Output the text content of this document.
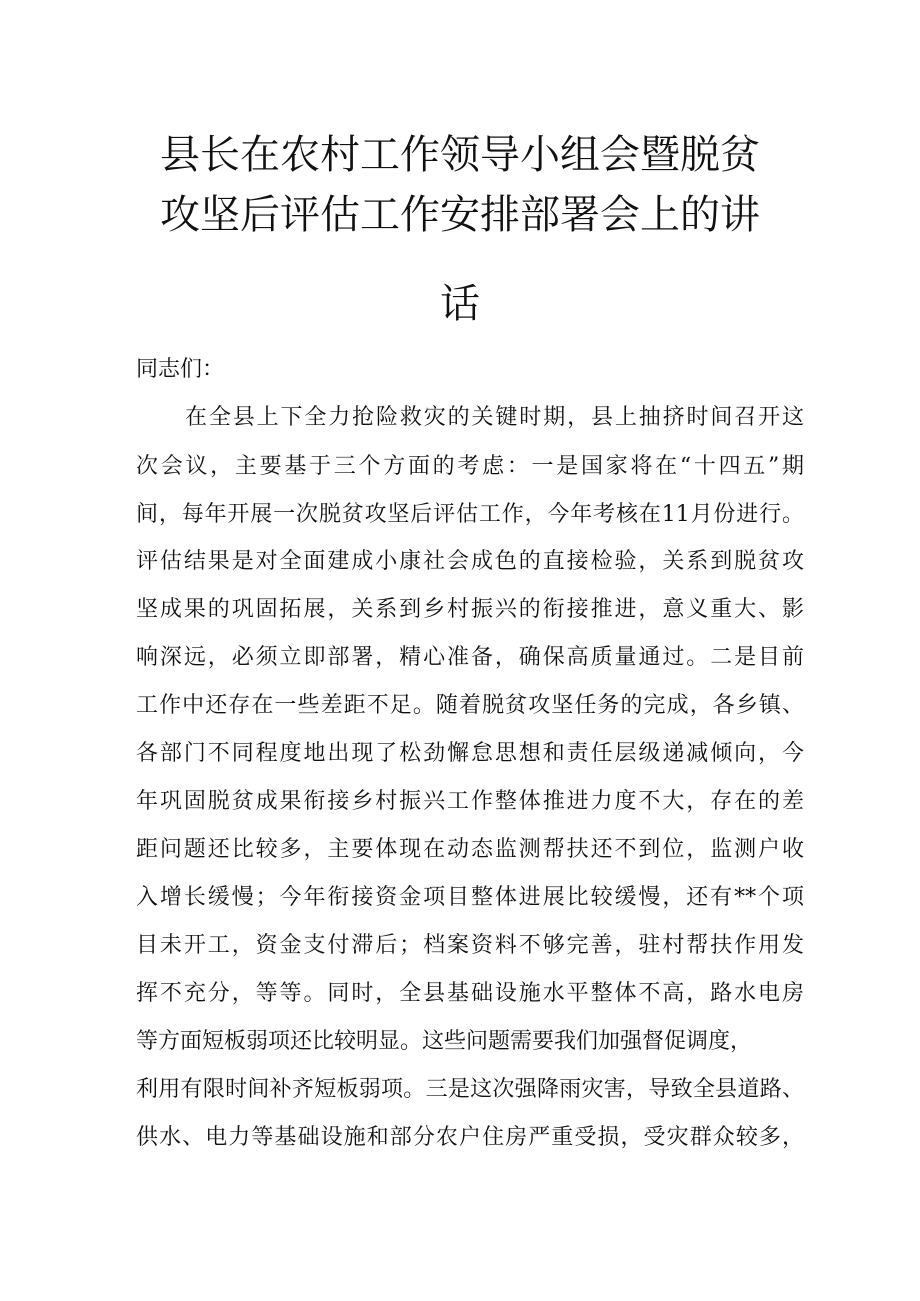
县长在农村工作领导小组会暨脱贫
攻坚后评估工作安排部署会上的讲
话
同志们：
在全县上下全力抢险救灾的关键时期，县上抽挤时间召开这
次会议，主要基于三个方面的考虑：一是国家将在“十四五”期
间，每年开展一次脱贫攻坚后评估工作，今年考核在11月份进行。
评估结果是对全面建成小康社会成色的直接检验，关系到脱贫攻
坚成果的巩固拓展，关系到乡村振兴的衔接推进，意义重大、影
响深远，必须立即部署，精心准备，确保高质量通过。二是目前
工作中还存在一些差距不足。随着脱贫攻坚任务的完成，各乡镇、
各部门不同程度地出现了松劲懈怠思想和责任层级递减倾向，今
年巩固脱贫成果衔接乡村振兴工作整体推进力度不大，存在的差
距问题还比较多，主要体现在动态监测帮扶还不到位，监测户收
入增长缓慢；今年衔接资金项目整体进展比较缓慢，还有**个项
目未开工，资金支付滞后；档案资料不够完善，驻村帮扶作用发
挥不充分，等等。同时，全县基础设施水平整体不高，路水电房
等方面短板弱项还比较明显。这些问题需要我们加强督促调度，
利用有限时间补齐短板弱项。三是这次强降雨灾害，导致全县道路、
供水、电力等基础设施和部分农户住房严重受损，受灾群众较多，
